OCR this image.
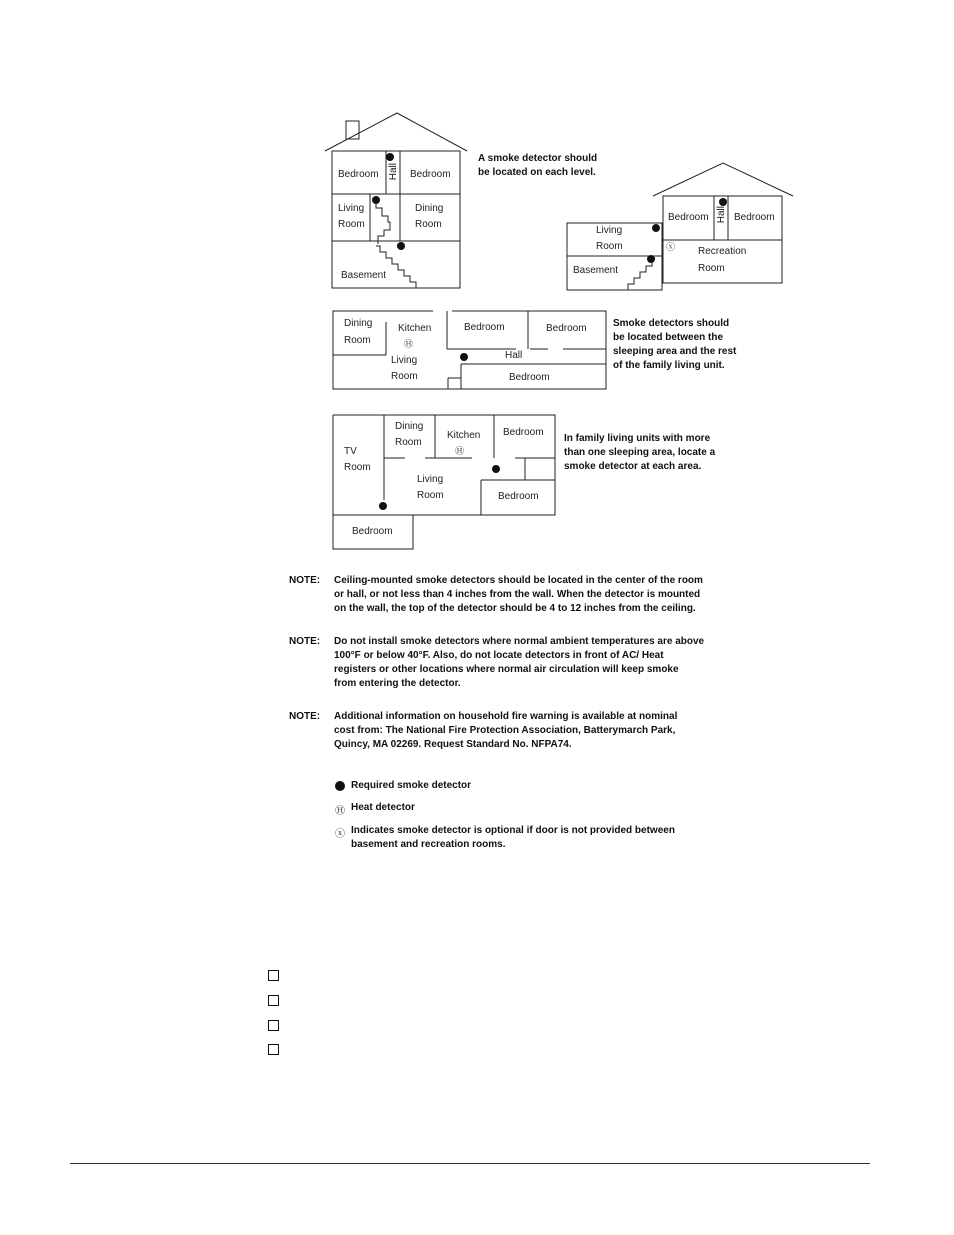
Bedroom	Bedroom
Hall
Living
Room
Dining
Room
Basement
A smoke detector should
be located on each level.
Bedroom	Bedroom
Hall
Living
Room	Recreation
Room
Basement
ⓧ
Dining
Room
Kitchen
Ⓗ
Bedroom	Bedroom
Living
Room
Hall
Bedroom
Smoke detectors should
be located between the
sleeping area and the rest
of the family living unit.
Dining
Room
Kitchen
Ⓗ
Bedroom
TV
Room
Living
Room	Bedroom
Bedroom
In family living units with more
than one sleeping area, locate a
smoke detector at each area.
NOTE: Ceiling-mounted smoke detectors should be located in the center of the room
or hall, or not less than 4 inches from the wall. When the detector is mounted
on the wall, the top of the detector should be 4 to 12 inches from the ceiling.
NOTE: Do not install smoke detectors where normal ambient temperatures are above
100°F or below 40°F. Also, do not locate detectors in front of AC/ Heat
registers or other locations where normal air circulation will keep smoke
from entering the detector.
NOTE: Additional information on household fire warning is available at nominal
cost from: The National Fire Protection Association, Batterymarch Park,
Quincy, MA 02269. Request Standard No. NFPA74.
Required smoke detector
Ⓗ Heat detector
ⓧ Indicates smoke detector is optional if door is not provided between
basement and recreation rooms.
